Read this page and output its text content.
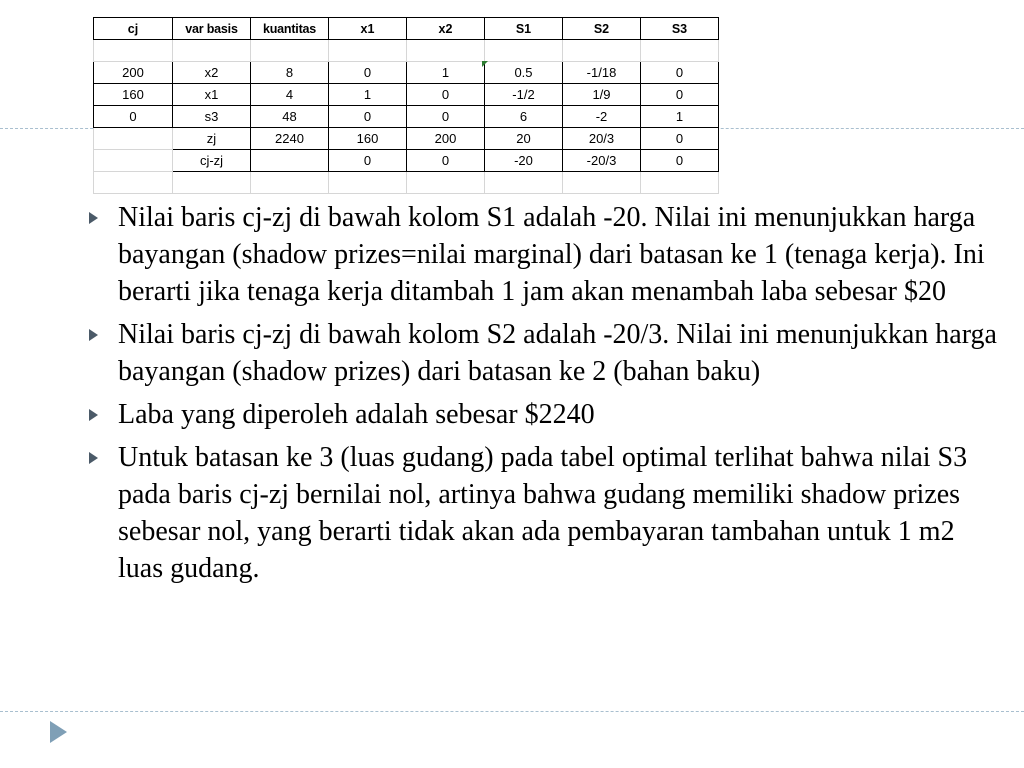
cj	var basis	kuantitas	x1	x2	S1	S2	S3

200	x2	8	0	1	0.5	-1/18	0
160	x1	4	1	0	-1/2	1/9	0
0	s3	48	0	0	6	-2	1
	zj	2240	160	200	20	20/3	0
	cj-zj		0	0	-20	-20/3	0

Nilai baris cj-zj di bawah kolom S1 adalah -20. Nilai ini menunjukkan harga bayangan (shadow prizes=nilai marginal) dari batasan ke 1 (tenaga kerja). Ini berarti jika tenaga kerja ditambah 1 jam akan menambah laba sebesar $20
Nilai baris cj-zj di bawah kolom S2 adalah -20/3. Nilai ini menunjukkan harga bayangan (shadow prizes) dari batasan ke 2 (bahan baku)
Laba yang diperoleh adalah sebesar $2240
Untuk batasan ke 3 (luas gudang) pada tabel optimal terlihat bahwa nilai S3 pada baris cj-zj bernilai nol, artinya bahwa gudang memiliki shadow prizes sebesar nol, yang berarti tidak akan ada pembayaran tambahan untuk 1 m2 luas gudang.
